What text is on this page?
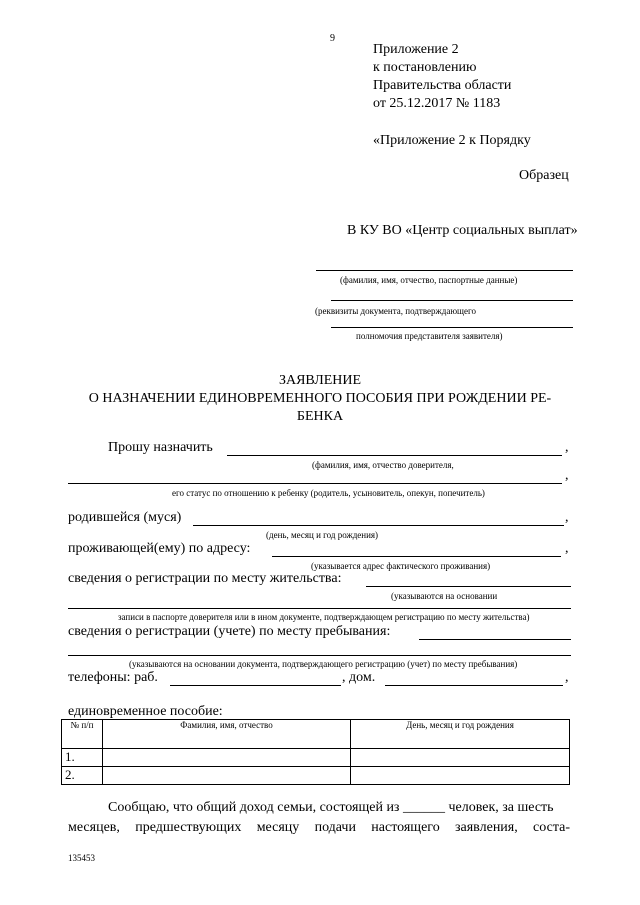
9
Приложение 2
к постановлению
Правительства области
от 25.12.2017 № 1183
«Приложение 2 к Порядку
Образец
В КУ ВО «Центр социальных выплат»
(фамилия, имя, отчество, паспортные данные)
(реквизиты документа, подтверждающего
полномочия представителя заявителя)
ЗАЯВЛЕНИЕ
О НАЗНАЧЕНИИ ЕДИНОВРЕМЕННОГО ПОСОБИЯ ПРИ РОЖДЕНИИ РЕ-
БЕНКА
Прошу назначить	,
(фамилия, имя, отчество доверителя,
,
его статус по отношению к ребенку (родитель, усыновитель, опекун, попечитель)
родившейся (муся)	,
(день, месяц и год рождения)
проживающей(ему) по адресу:	,
(указывается адрес фактического проживания)
сведения о регистрации по месту жительства:
(указываются на основании
записи в паспорте доверителя или в ином документе, подтверждающем регистрацию по месту жительства)
сведения о регистрации (учете) по месту пребывания:
(указываются на основании документа, подтверждающего регистрацию (учет) по месту пребывания)
телефоны: раб.	, дом.	,
единовременное пособие:
№ п/п	Фамилия, имя, отчество	День, месяц и год рождения
1.		
2.		
Сообщаю, что общий доход семьи, состоящей из ______ человек, за шесть
месяцев, предшествующих месяцу подачи настоящего заявления, соста-
135453
